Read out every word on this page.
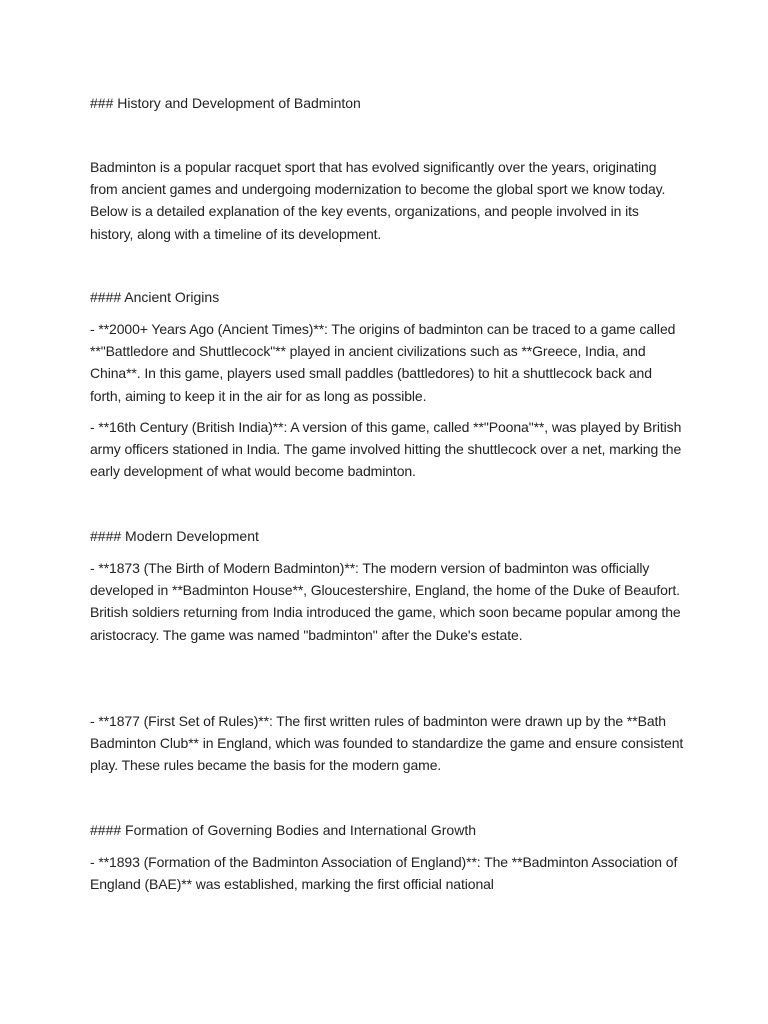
### History and Development of Badminton

Badminton is a popular racquet sport that has evolved significantly over the years, originating from ancient games and undergoing modernization to become the global sport we know today. Below is a detailed explanation of the key events, organizations, and people involved in its history, along with a timeline of its development.

#### Ancient Origins

- **2000+ Years Ago (Ancient Times)**: The origins of badminton can be traced to a game called **"Battledore and Shuttlecock"** played in ancient civilizations such as **Greece, India, and China**. In this game, players used small paddles (battledores) to hit a shuttlecock back and forth, aiming to keep it in the air for as long as possible.

- **16th Century (British India)**: A version of this game, called **"Poona"**, was played by British army officers stationed in India. The game involved hitting the shuttlecock over a net, marking the early development of what would become badminton.

#### Modern Development

- **1873 (The Birth of Modern Badminton)**: The modern version of badminton was officially developed in **Badminton House**, Gloucestershire, England, the home of the Duke of Beaufort. British soldiers returning from India introduced the game, which soon became popular among the aristocracy. The game was named "badminton" after the Duke's estate.

- **1877 (First Set of Rules)**: The first written rules of badminton were drawn up by the **Bath Badminton Club** in England, which was founded to standardize the game and ensure consistent play. These rules became the basis for the modern game.

#### Formation of Governing Bodies and International Growth

- **1893 (Formation of the Badminton Association of England)**: The **Badminton Association of England (BAE)** was established, marking the first official national
